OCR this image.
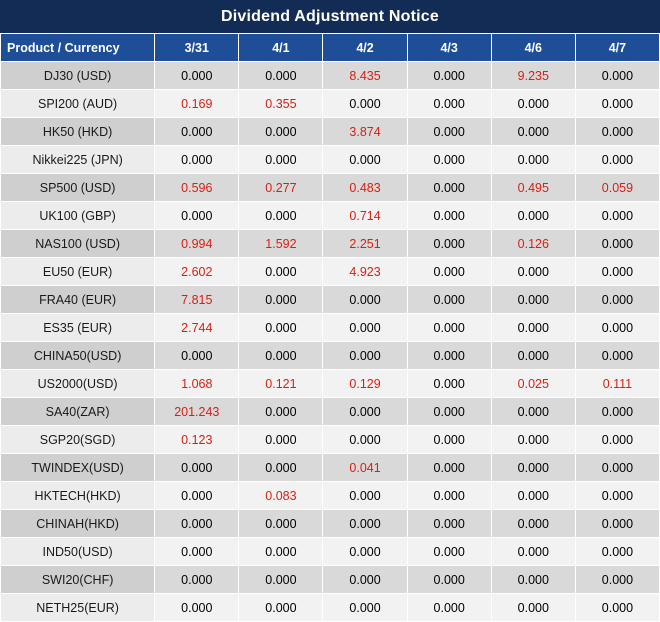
Dividend Adjustment Notice
Product / Currency	3/31	4/1	4/2	4/3	4/6	4/7
DJ30 (USD)	0.000	0.000	8.435	0.000	9.235	0.000
SPI200 (AUD)	0.169	0.355	0.000	0.000	0.000	0.000
HK50 (HKD)	0.000	0.000	3.874	0.000	0.000	0.000
Nikkei225 (JPN)	0.000	0.000	0.000	0.000	0.000	0.000
SP500 (USD)	0.596	0.277	0.483	0.000	0.495	0.059
UK100 (GBP)	0.000	0.000	0.714	0.000	0.000	0.000
NAS100 (USD)	0.994	1.592	2.251	0.000	0.126	0.000
EU50 (EUR)	2.602	0.000	4.923	0.000	0.000	0.000
FRA40 (EUR)	7.815	0.000	0.000	0.000	0.000	0.000
ES35 (EUR)	2.744	0.000	0.000	0.000	0.000	0.000
CHINA50(USD)	0.000	0.000	0.000	0.000	0.000	0.000
US2000(USD)	1.068	0.121	0.129	0.000	0.025	0.111
SA40(ZAR)	201.243	0.000	0.000	0.000	0.000	0.000
SGP20(SGD)	0.123	0.000	0.000	0.000	0.000	0.000
TWINDEX(USD)	0.000	0.000	0.041	0.000	0.000	0.000
HKTECH(HKD)	0.000	0.083	0.000	0.000	0.000	0.000
CHINAH(HKD)	0.000	0.000	0.000	0.000	0.000	0.000
IND50(USD)	0.000	0.000	0.000	0.000	0.000	0.000
SWI20(CHF)	0.000	0.000	0.000	0.000	0.000	0.000
NETH25(EUR)	0.000	0.000	0.000	0.000	0.000	0.000
